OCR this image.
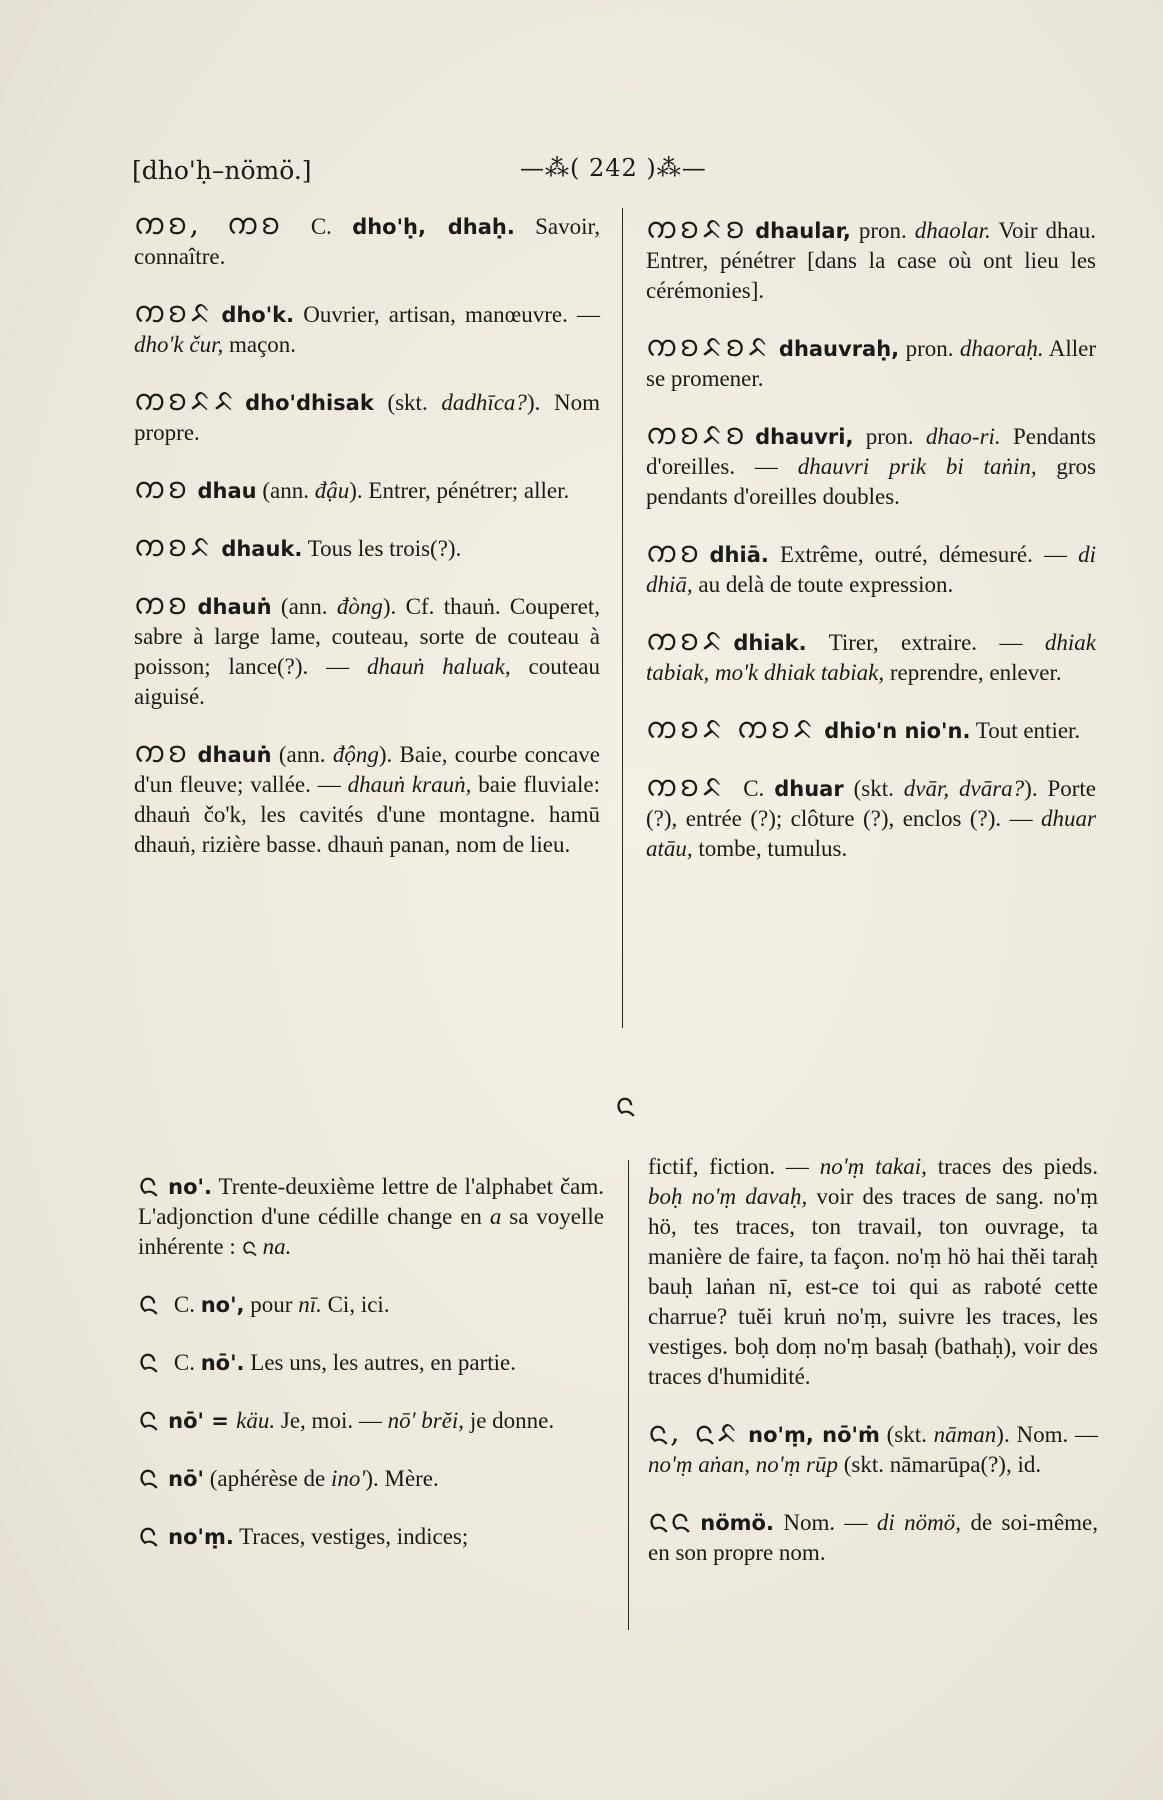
[dho'ḥ–nömö.]	—⁂( 242 )⁂—

ᨠᨧ, ᨠᨧ C. dho'ḥ, dhaḥ. Savoir, connaître.

ᨠᨧᨅ dho'k. Ouvrier, artisan, manœuvre. — dho'k čur, maçon.

ᨠᨧᨅᨅ dho'dhisak (skt. dadhīca?). Nom propre.

ᨠᨧ dhau (ann. đậu). Entrer, pénétrer; aller.

ᨠᨧᨅ dhauk. Tous les trois(?).

ᨠᨧ dhauṅ (ann. đòng). Cf. thauṅ. Couperet, sabre à large lame, couteau, sorte de couteau à poisson; lance(?). — dhauṅ haluak, couteau aiguisé.

ᨠᨧ dhauṅ (ann. động). Baie, courbe concave d'un fleuve; vallée. — dhauṅ krauṅ, baie fluviale: dhauṅ čo'k, les cavités d'une montagne. hamū dhauṅ, rizière basse. dhauṅ panan, nom de lieu.

ᨠᨧᨅᨧ dhaular, pron. dhaolar. Voir dhau. Entrer, pénétrer [dans la case où ont lieu les cérémonies].

ᨠᨧᨅᨧᨅ dhauvraḥ, pron. dhaoraḥ. Aller se promener.

ᨠᨧᨅᨧ dhauvri, pron. dhao-ri. Pendants d'oreilles. — dhauvri prik bi taṅin, gros pendants d'oreilles doubles.

ᨠᨧ dhiā. Extrême, outré, démesuré. — di dhiā, au delà de toute expression.

ᨠᨧᨅ dhiak. Tirer, extraire. — dhiak tabiak, mo'k dhiak tabiak, reprendre, enlever.

ᨠᨧᨅ ᨠᨧᨅ dhio'n nio'n. Tout entier.

ᨠᨧᨅ C. dhuar (skt. dvār, dvāra?). Porte (?), entrée (?); clôture (?), enclos (?). — dhuar atāu, tombe, tumulus.

ᨶ

ᨶ no'. Trente-deuxième lettre de l'alphabet čam. L'adjonction d'une cédille change en a sa voyelle inhérente : ᨶ na.

ᨶ C. no', pour nī. Ci, ici.

ᨶ C. nō'. Les uns, les autres, en partie.

ᨶ nō' = käu. Je, moi. — nō' brĕi, je donne.

ᨶ nō' (aphérèse de ino'). Mère.

ᨶ no'ṃ. Traces, vestiges, indices;

fictif, fiction. — no'ṃ takai, traces des pieds. boḥ no'ṃ davaḥ, voir des traces de sang. no'ṃ hö, tes traces, ton travail, ton ouvrage, ta manière de faire, ta façon. no'ṃ hö hai thĕi taraḥ bauḥ laṅan nī, est-ce toi qui as raboté cette charrue? tuĕi kruṅ no'ṃ, suivre les traces, les vestiges. boḥ doṃ no'ṃ basaḥ (bathaḥ), voir des traces d'humidité.

ᨶ, ᨶᨅ no'ṃ, nō'ṁ (skt. nāman). Nom. — no'ṃ aṅan, no'ṃ rūp (skt. nāmarūpa(?), id.

ᨶᨶ nömö. Nom. — di nömö, de soi-même, en son propre nom.
